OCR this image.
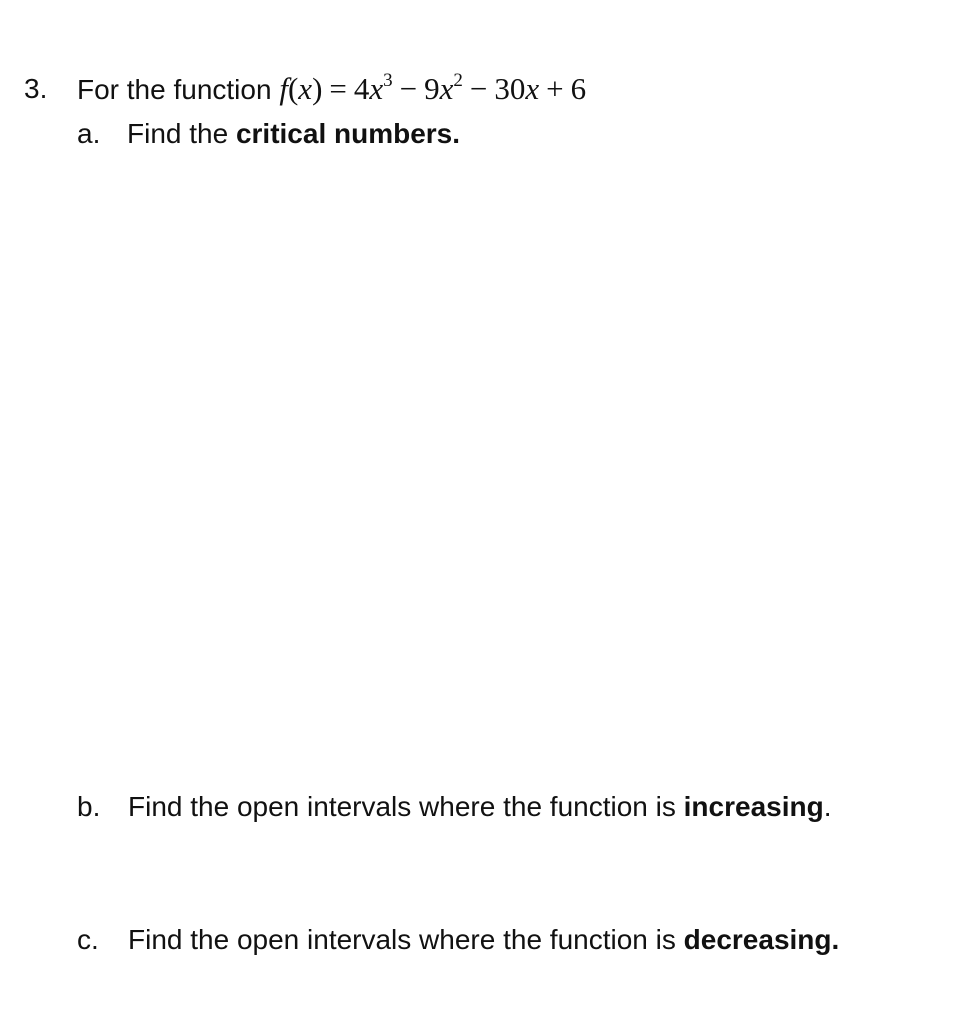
3. For the function $f(x) = 4x^3 - 9x^2 - 30x + 6$
a. Find the critical numbers.
b. Find the open intervals where the function is increasing.
c. Find the open intervals where the function is decreasing.
